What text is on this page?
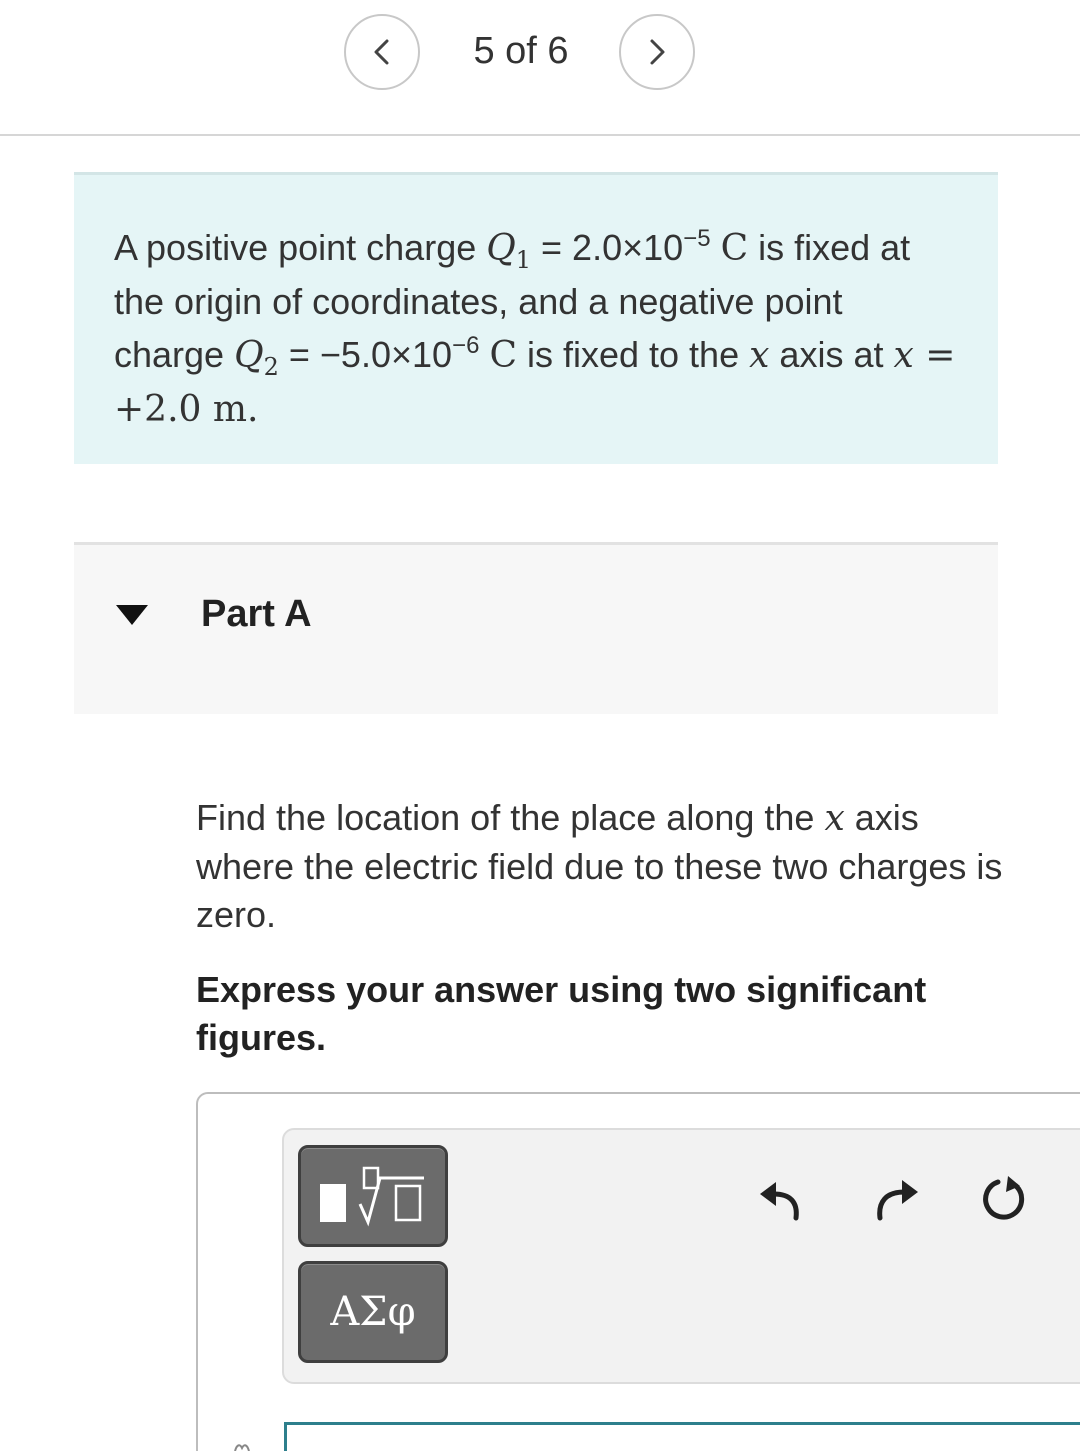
5 of 6
A positive point charge $Q_1 = 2.0\times 10^{-5}$ C is fixed at the origin of coordinates, and a negative point charge $Q_2 = -5.0\times 10^{-6}$ C is fixed to the x axis at x = +2.0 m.
Part A
Find the location of the place along the x axis where the electric field due to these two charges is zero.
Express your answer using two significant figures.
ΑΣφ
